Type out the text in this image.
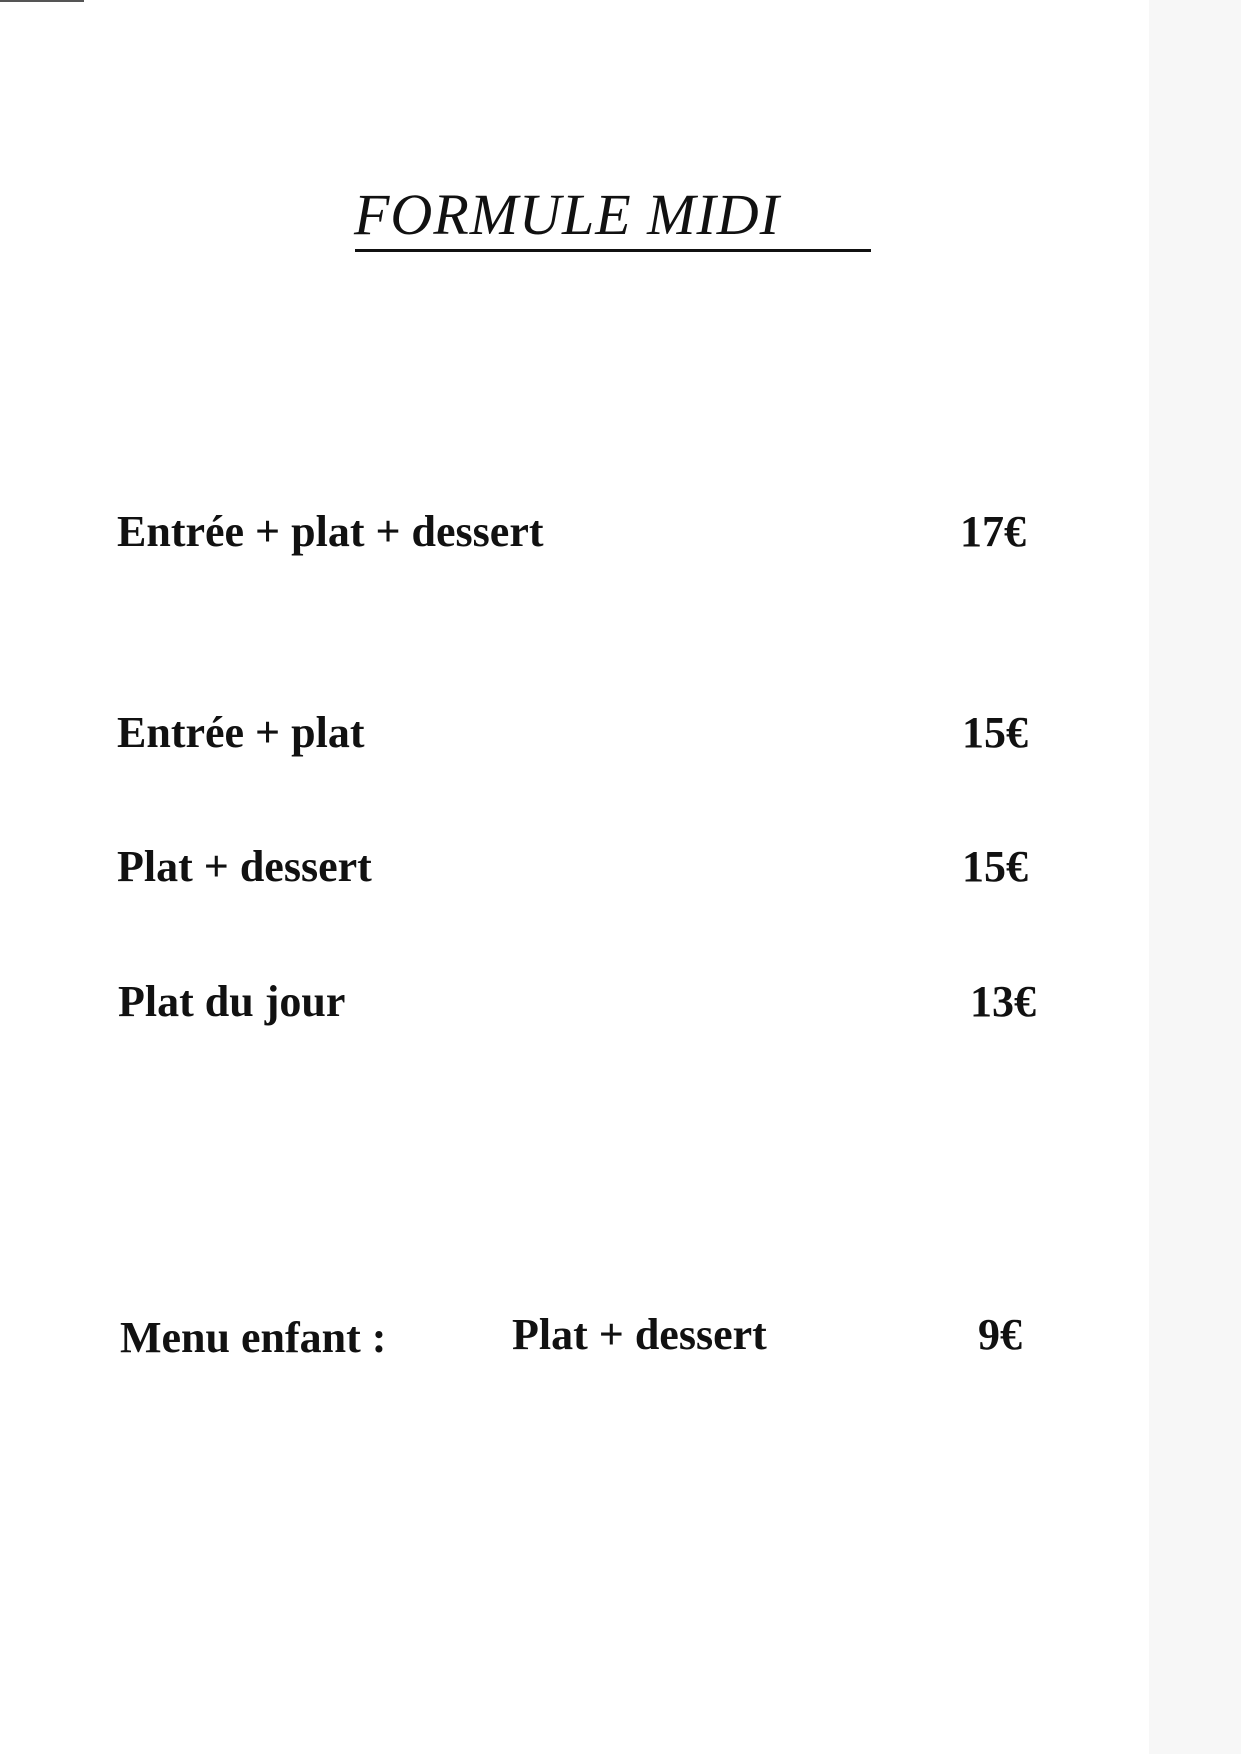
FORMULE MIDI
Entrée + plat + dessert	17€
Entrée + plat	15€
Plat + dessert	15€
Plat du jour	13€
Menu enfant :	Plat + dessert	9€
